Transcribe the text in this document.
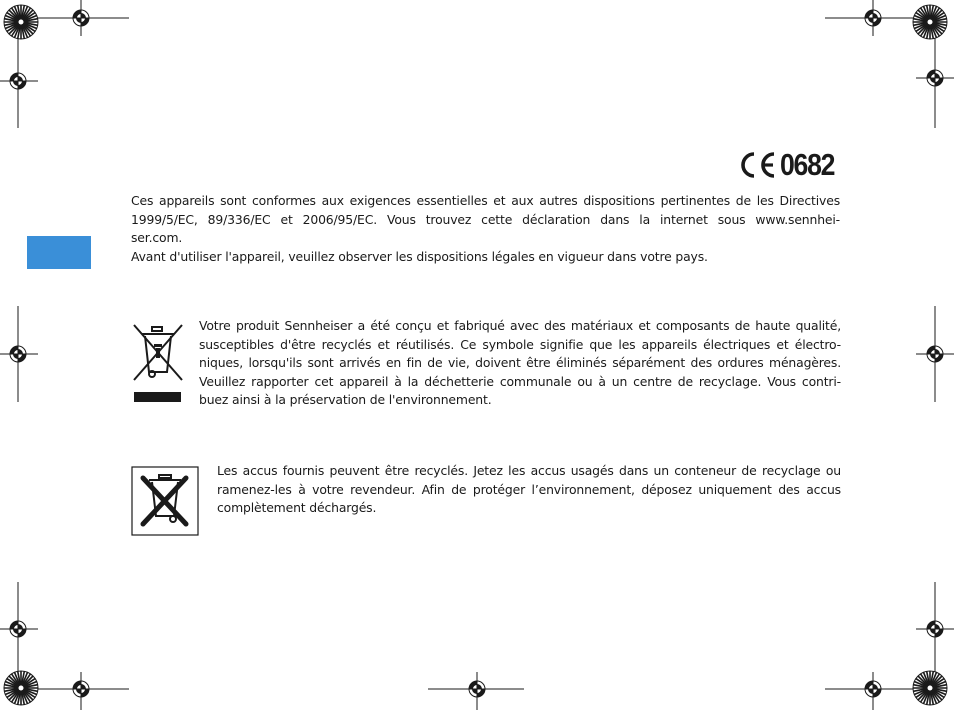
0682
Ces appareils sont conformes aux exigences essentielles et aux autres dispositions pertinentes de les Directives
1999/5/EC, 89/336/EC et 2006/95/EC. Vous trouvez cette déclaration dans la internet sous www.sennhei-
ser.com.
Avant d'utiliser l'appareil, veuillez observer les dispositions légales en vigueur dans votre pays.
Votre produit Sennheiser a été conçu et fabriqué avec des matériaux et composants de haute qualité,
susceptibles d'être recyclés et réutilisés. Ce symbole signifie que les appareils électriques et électro-
niques, lorsqu'ils sont arrivés en fin de vie, doivent être éliminés séparément des ordures ménagères.
Veuillez rapporter cet appareil à la déchetterie communale ou à un centre de recyclage. Vous contri-
buez ainsi à la préservation de l'environnement.
Les accus fournis peuvent être recyclés. Jetez les accus usagés dans un conteneur de recyclage ou
ramenez-les à votre revendeur. Afin de protéger l’environnement, déposez uniquement des accus
complètement déchargés.
